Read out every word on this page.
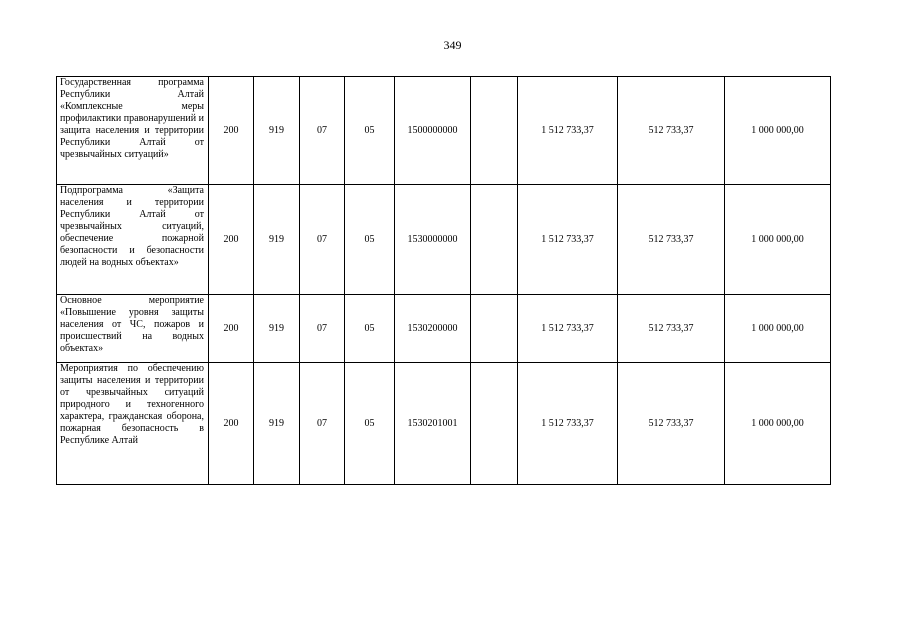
349
Государственная программа Республики Алтай «Комплексные меры профилактики правонарушений и защита населения и территории Республики Алтай от чрезвычайных ситуаций»	200	919	07	05	1500000000		1 512 733,37	512 733,37	1 000 000,00
Подпрограмма «Защита населения и территории Республики Алтай от чрезвычайных ситуаций, обеспечение пожарной безопасности и безопасности людей на водных объектах»	200	919	07	05	1530000000		1 512 733,37	512 733,37	1 000 000,00
Основное мероприятие «Повышение уровня защиты населения от ЧС, пожаров и происшествий на водных объектах»	200	919	07	05	1530200000		1 512 733,37	512 733,37	1 000 000,00
Мероприятия по обеспечению защиты населения и территории от чрезвычайных ситуаций природного и техногенного характера, гражданская оборона, пожарная безопасность в Республике Алтай	200	919	07	05	1530201001		1 512 733,37	512 733,37	1 000 000,00
